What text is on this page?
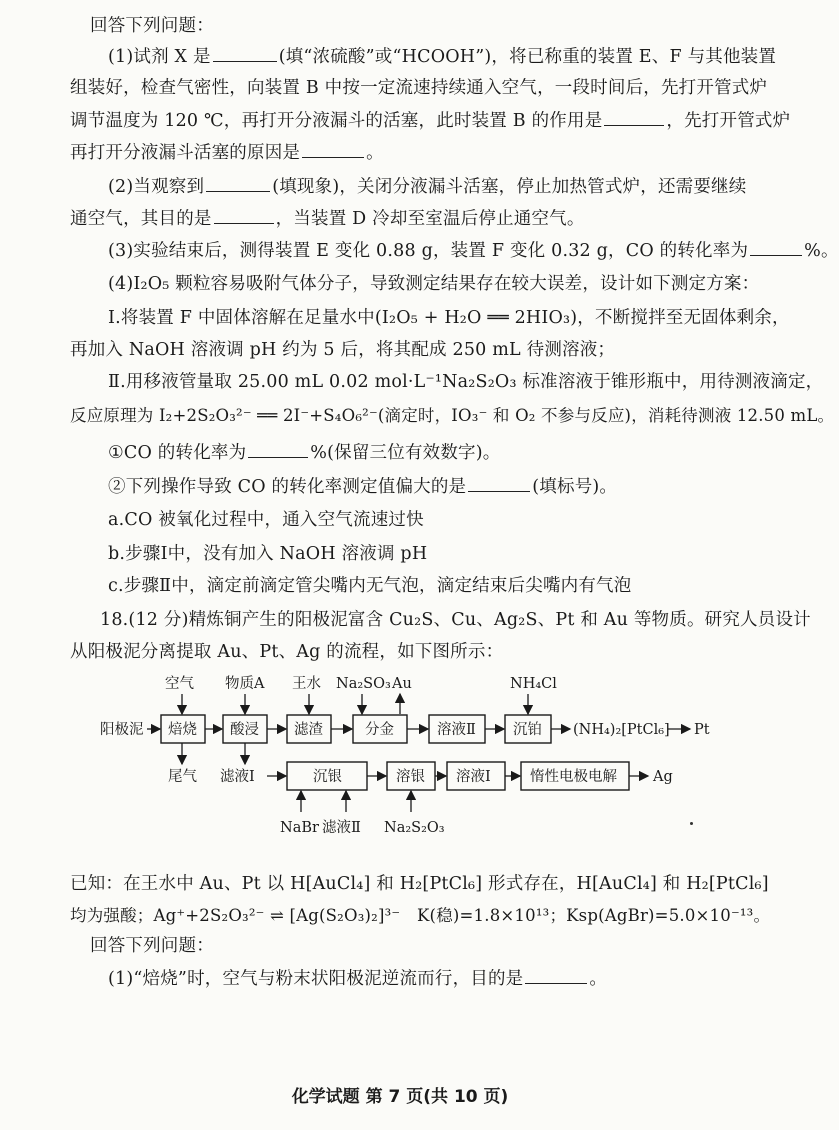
回答下列问题：
(1)试剂 X 是	(填“浓硫酸”或“HCOOH”)，将已称重的装置 E、F 与其他装置
组装好，检查气密性，向装置 B 中按一定流速持续通入空气，一段时间后，先打开管式炉
调节温度为 120 ℃，再打开分液漏斗的活塞，此时装置 B 的作用是	，先打开管式炉
再打开分液漏斗活塞的原因是	。
(2)当观察到	(填现象)，关闭分液漏斗活塞，停止加热管式炉，还需要继续
通空气，其目的是	，当装置 D 冷却至室温后停止通空气。
(3)实验结束后，测得装置 E 变化 0.88 g，装置 F 变化 0.32 g，CO 的转化率为	%。
(4)I₂O₅ 颗粒容易吸附气体分子，导致测定结果存在较大误差，设计如下测定方案：
Ⅰ.将装置 F 中固体溶解在足量水中(I₂O₅ + H₂O ══ 2HIO₃)，不断搅拌至无固体剩余，
再加入 NaOH 溶液调 pH 约为 5 后，将其配成 250 mL 待测溶液；
Ⅱ.用移液管量取 25.00 mL 0.02 mol·L⁻¹Na₂S₂O₃ 标准溶液于锥形瓶中，用待测液滴定，
反应原理为 I₂+2S₂O₃²⁻ ══ 2I⁻+S₄O₆²⁻(滴定时，IO₃⁻ 和 O₂ 不参与反应)，消耗待测液 12.50 mL。
①CO 的转化率为	%(保留三位有效数字)。
②下列操作导致 CO 的转化率测定值偏大的是	(填标号)。
a.CO 被氧化过程中，通入空气流速过快
b.步骤Ⅰ中，没有加入 NaOH 溶液调 pH
c.步骤Ⅱ中，滴定前滴定管尖嘴内无气泡，滴定结束后尖嘴内有气泡
18.(12 分)精炼铜产生的阳极泥富含 Cu₂S、Cu、Ag₂S、Pt 和 Au 等物质。研究人员设计
从阳极泥分离提取 Au、Pt、Ag 的流程，如下图所示：
阳极泥 焙烧
空气
尾气
酸浸
物质A
滤液Ⅰ
滤渣
王水
分金
Na₂SO₃ Au
溶液Ⅱ	沉铂
NH₄Cl
(NH₄)₂[PtCl₆] Pt
沉银
NaBr 滤液Ⅱ
溶银
Na₂S₂O₃
溶液Ⅰ	惰性电极电解 Ag
已知：在王水中 Au、Pt 以 H[AuCl₄] 和 H₂[PtCl₆] 形式存在，H[AuCl₄] 和 H₂[PtCl₆]
均为强酸；Ag⁺+2S₂O₃²⁻ ⇌ [Ag(S₂O₃)₂]³⁻　K(稳)=1.8×10¹³；Ksp(AgBr)=5.0×10⁻¹³。
回答下列问题：
(1)“焙烧”时，空气与粉末状阳极泥逆流而行，目的是	。
化学试题 第 7 页(共 10 页)
